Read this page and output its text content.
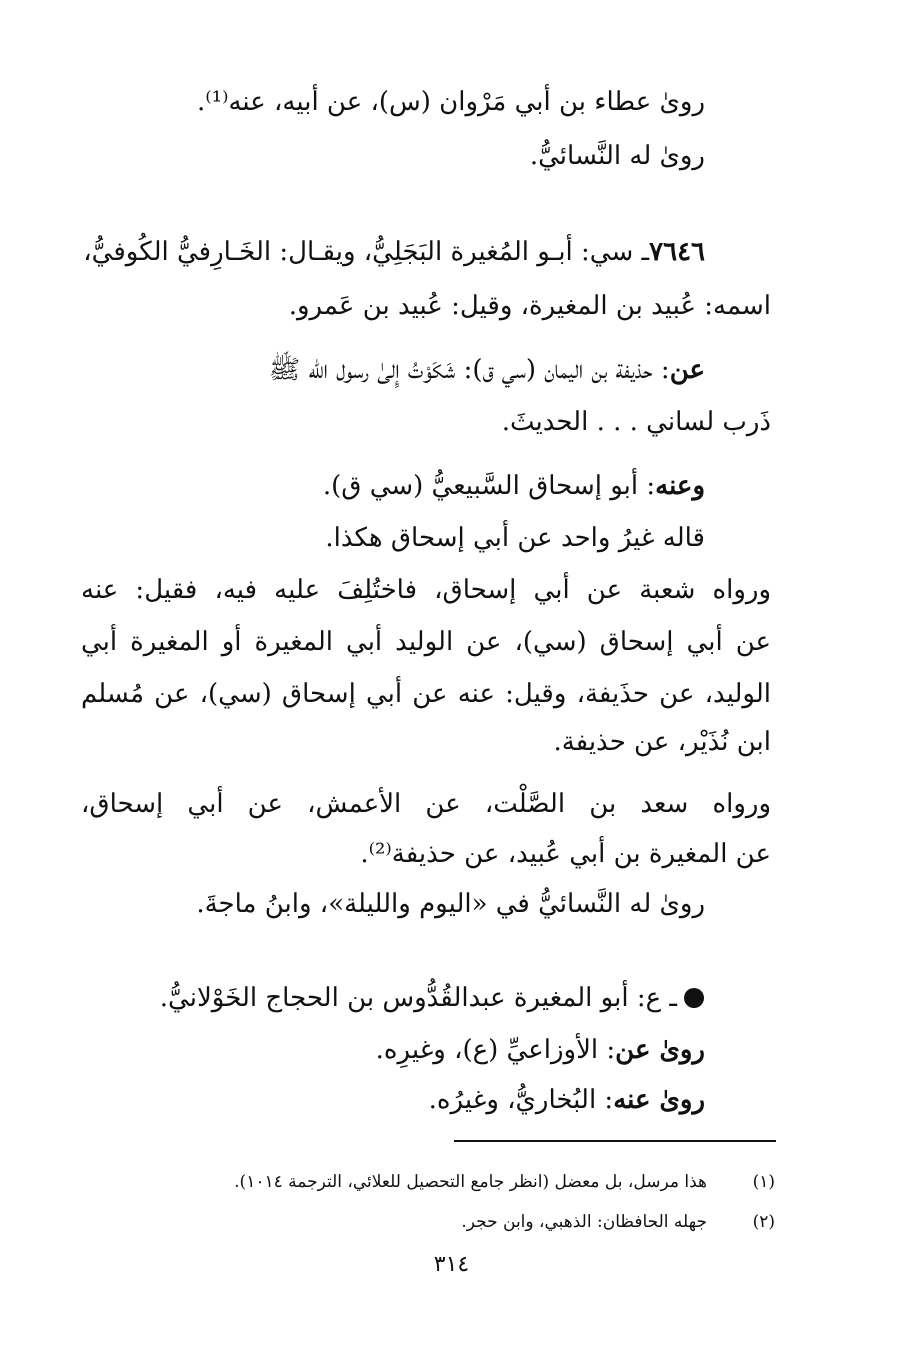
روىٰ عطاء بن أبي مَرْوان (س)، عن أبيه، عنه⁽¹⁾.
روىٰ له النَّسائيُّ.
٧٦٤٦ـ سي: أبـو المُغيرة البَجَلِيُّ، ويقـال: الخَـارِفيُّ الكُوفيُّ،
اسمه: عُبيد بن المغيرة، وقيل: عُبيد بن عَمرو.
عن: حذيفة بن اليمان (سي ق): شَكَوْتُ إِلىٰ رسول الله ﷺ
ذَرب لساني . . . الحديثَ.
وعنه: أبو إسحاق السَّبيعيُّ (سي ق).
قاله غيرُ واحد عن أبي إسحاق هكذا.
ورواه شعبة عن أبي إسحاق، فاختُلِفَ عليه فيه، فقيل: عنه
عن أبي إسحاق (سي)، عن الوليد أبي المغيرة أو المغيرة أبي
الوليد، عن حذَيفة، وقيل: عنه عن أبي إسحاق (سي)، عن مُسلم
ابن نُذَيْر، عن حذيفة.
ورواه سعد بن الصَّلْت، عن الأعمش، عن أبي إسحاق،
عن المغيرة بن أبي عُبيد، عن حذيفة⁽²⁾.
روىٰ له النَّسائيُّ في «اليوم والليلة»، وابنُ ماجةَ.
ـ ع: أبو المغيرة عبدالقُدُّوس بن الحجاج الخَوْلانيُّ.
روىٰ عن: الأوزاعيِّ (ع)، وغيرِه.
روىٰ عنه: البُخاريُّ، وغيرُه.
(١)
هذا مرسل، بل معضل (انظر جامع التحصيل للعلائي، الترجمة ١٠١٤).
(٢)
جهله الحافظان: الذهبي، وابن حجر.
٣١٤
